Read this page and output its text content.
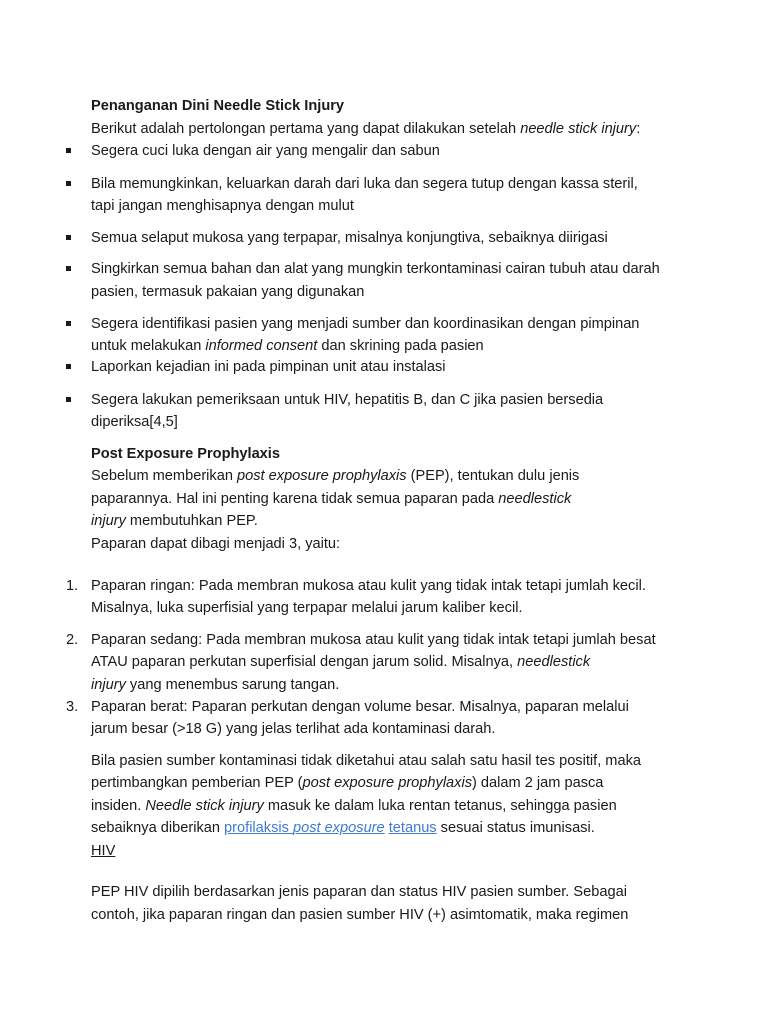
Penanganan Dini Needle Stick Injury
Berikut adalah pertolongan pertama yang dapat dilakukan setelah needle stick injury:
Segera cuci luka dengan air yang mengalir dan sabun
Bila memungkinkan, keluarkan darah dari luka dan segera tutup dengan kassa steril,
tapi jangan menghisapnya dengan mulut
Semua selaput mukosa yang terpapar, misalnya konjungtiva, sebaiknya diirigasi
Singkirkan semua bahan dan alat yang mungkin terkontaminasi cairan tubuh atau darah
pasien, termasuk pakaian yang digunakan
Segera identifikasi pasien yang menjadi sumber dan koordinasikan dengan pimpinan
untuk melakukan informed consent dan skrining pada pasien
Laporkan kejadian ini pada pimpinan unit atau instalasi
Segera lakukan pemeriksaan untuk HIV, hepatitis B, dan C jika pasien bersedia
diperiksa[4,5]
Post Exposure Prophylaxis
Sebelum memberikan post exposure prophylaxis (PEP), tentukan dulu jenis
paparannya. Hal ini penting karena tidak semua paparan pada needlestick
injury membutuhkan PEP.
Paparan dapat dibagi menjadi 3, yaitu:
1. Paparan ringan: Pada membran mukosa atau kulit yang tidak intak tetapi jumlah kecil.
Misalnya, luka superfisial yang terpapar melalui jarum kaliber kecil.
2. Paparan sedang: Pada membran mukosa atau kulit yang tidak intak tetapi jumlah besat
ATAU paparan perkutan superfisial dengan jarum solid. Misalnya, needlestick
injury yang menembus sarung tangan.
3. Paparan berat: Paparan perkutan dengan volume besar. Misalnya, paparan melalui
jarum besar (>18 G) yang jelas terlihat ada kontaminasi darah.
Bila pasien sumber kontaminasi tidak diketahui atau salah satu hasil tes positif, maka
pertimbangkan pemberian PEP (post exposure prophylaxis) dalam 2 jam pasca
insiden. Needle stick injury masuk ke dalam luka rentan tetanus, sehingga pasien
sebaiknya diberikan profilaksis post exposure tetanus sesuai status imunisasi.
HIV
PEP HIV dipilih berdasarkan jenis paparan dan status HIV pasien sumber. Sebagai
contoh, jika paparan ringan dan pasien sumber HIV (+) asimtomatik, maka regimen
